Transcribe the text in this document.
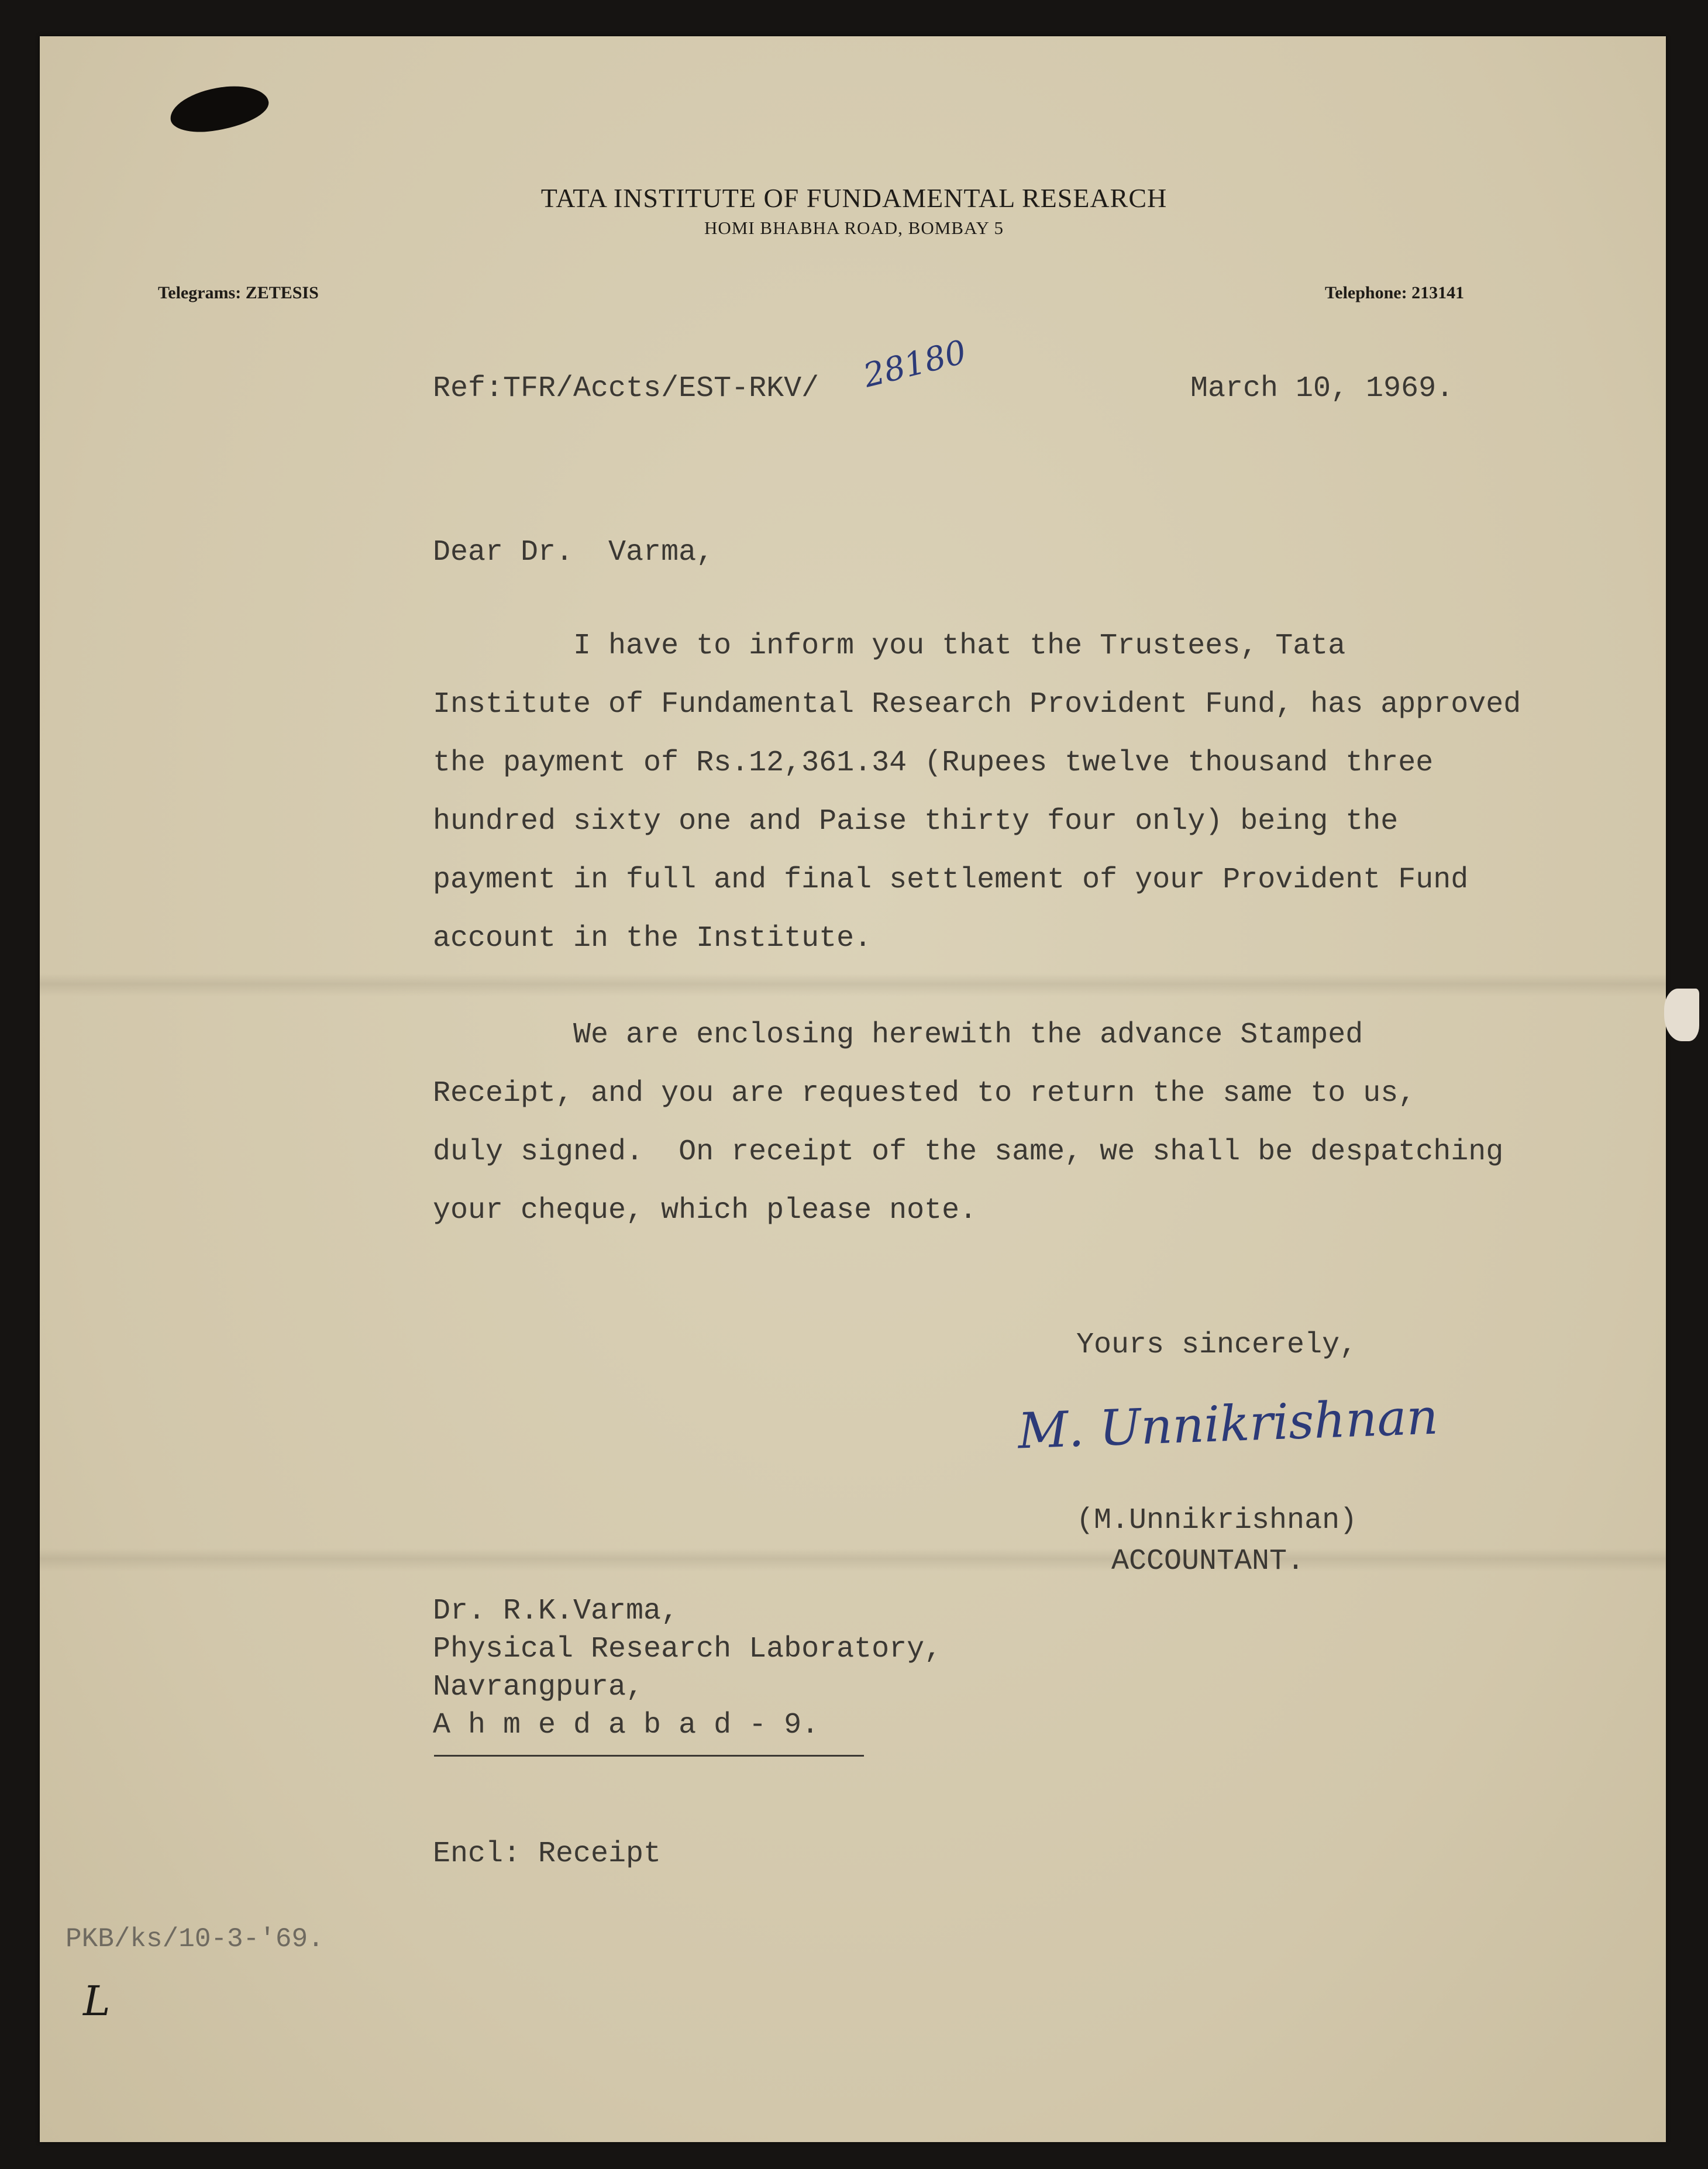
TATA INSTITUTE OF FUNDAMENTAL RESEARCH
HOMI BHABHA ROAD, BOMBAY 5
Telegrams: ZETESIS	Telephone: 213141
Ref:TFR/Accts/EST-RKV/ 28180	March 10, 1969.
Dear Dr.  Varma,
I have to inform you that the Trustees, Tata
Institute of Fundamental Research Provident Fund, has approved
the payment of Rs.12,361.34 (Rupees twelve thousand three
hundred sixty one and Paise thirty four only) being the
payment in full and final settlement of your Provident Fund
account in the Institute.
We are enclosing herewith the advance Stamped
Receipt, and you are requested to return the same to us,
duly signed.  On receipt of the same, we shall be despatching
your cheque, which please note.
Yours sincerely,
M. Unnikrishnan
(M.Unnikrishnan)
ACCOUNTANT.
Dr. R.K.Varma,
Physical Research Laboratory,
Navrangpura,
A h m e d a b a d - 9.
Encl: Receipt
PKB/ks/10-3-'69.
L
